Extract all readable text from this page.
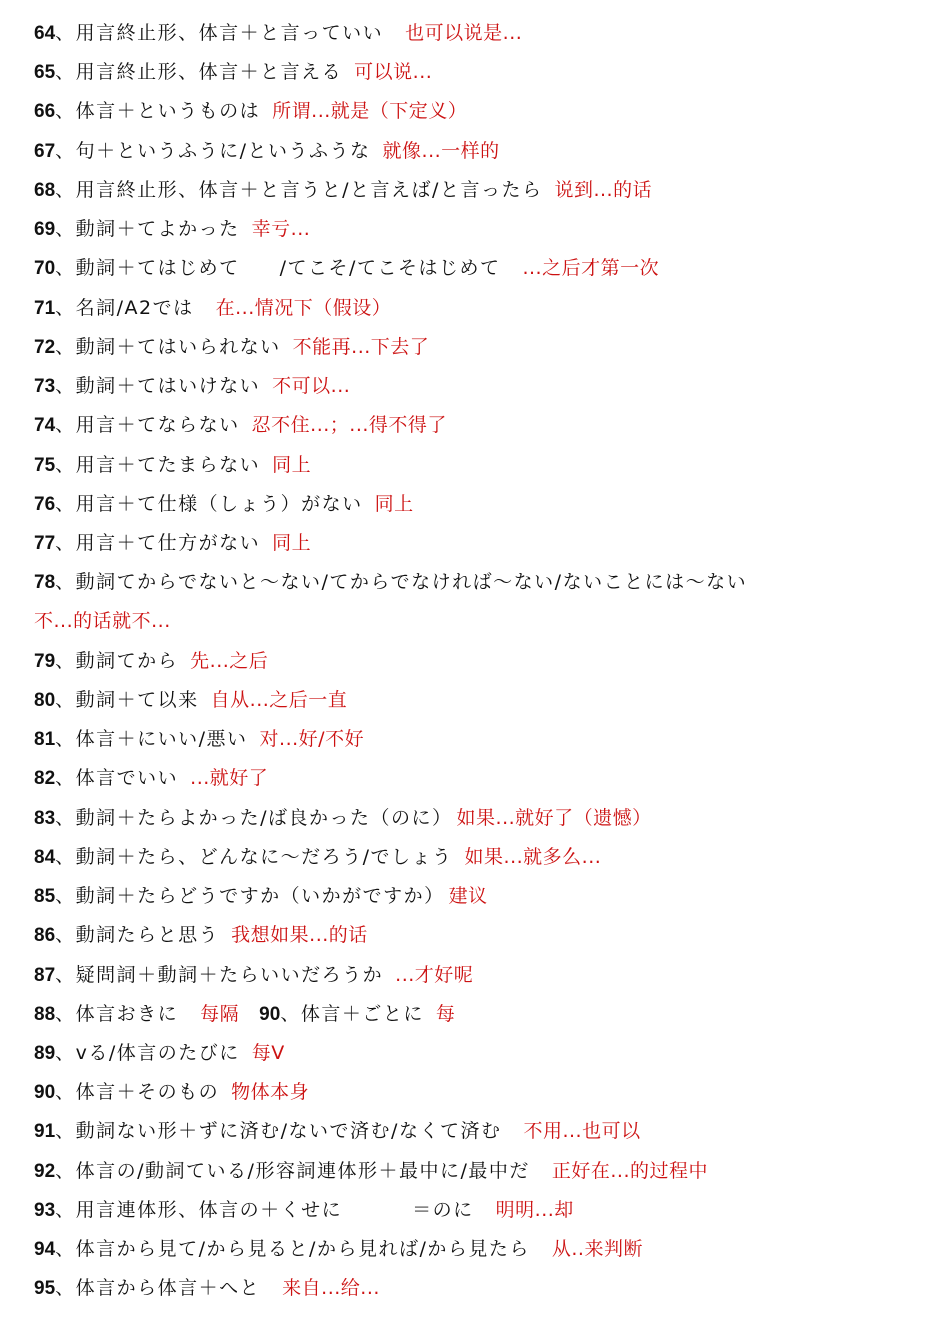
64、用言終止形、体言＋と言っていい 也可以说是...
65、用言終止形、体言＋と言える 可以说...
66、体言＋というものは 所谓...就是（下定义）
67、句＋というふうに/というふうな 就像...一样的
68、用言終止形、体言＋と言うと/と言えば/と言ったら 说到...的话
69、動詞＋てよかった 幸亏...
70、動詞＋てはじめて /てこそ/てこそはじめて ...之后才第一次
71、名詞/A2では 在...情况下（假设）
72、動詞＋てはいられない 不能再...下去了
73、動詞＋てはいけない 不可以...
74、用言＋てならない 忍不住...；...得不得了
75、用言＋てたまらない 同上
76、用言＋て仕様（しょう）がない 同上
77、用言＋て仕方がない 同上
78、動詞てからでないと～ない/てからでなければ～ない/ないことには～ない
不...的话就不...
79、動詞てから 先...之后
80、動詞＋て以来 自从...之后一直
81、体言＋にいい/悪い 对...好/不好
82、体言でいい ...就好了
83、動詞＋たらよかった/ば良かった（のに） 如果...就好了（遗憾）
84、動詞＋たら、どんなに～だろう/でしょう 如果...就多么...
85、動詞＋たらどうですか（いかがですか） 建议
86、動詞たらと思う 我想如果...的话
87、疑問詞＋動詞＋たらいいだろうか ...才好呢
88、体言おきに 每隔 90、体言＋ごとに 每
89、vる/体言のたびに 每V
90、体言＋そのもの 物体本身
91、動詞ない形＋ずに済む/ないで済む/なくて済む 不用...也可以
92、体言の/動詞ている/形容詞連体形＋最中に/最中だ 正好在...的过程中
93、用言連体形、体言の＋くせに	＝のに 明明...却
94、体言から見て/から見ると/から見れば/から見たら 从..来判断
95、体言から体言＋へと 来自...给...
